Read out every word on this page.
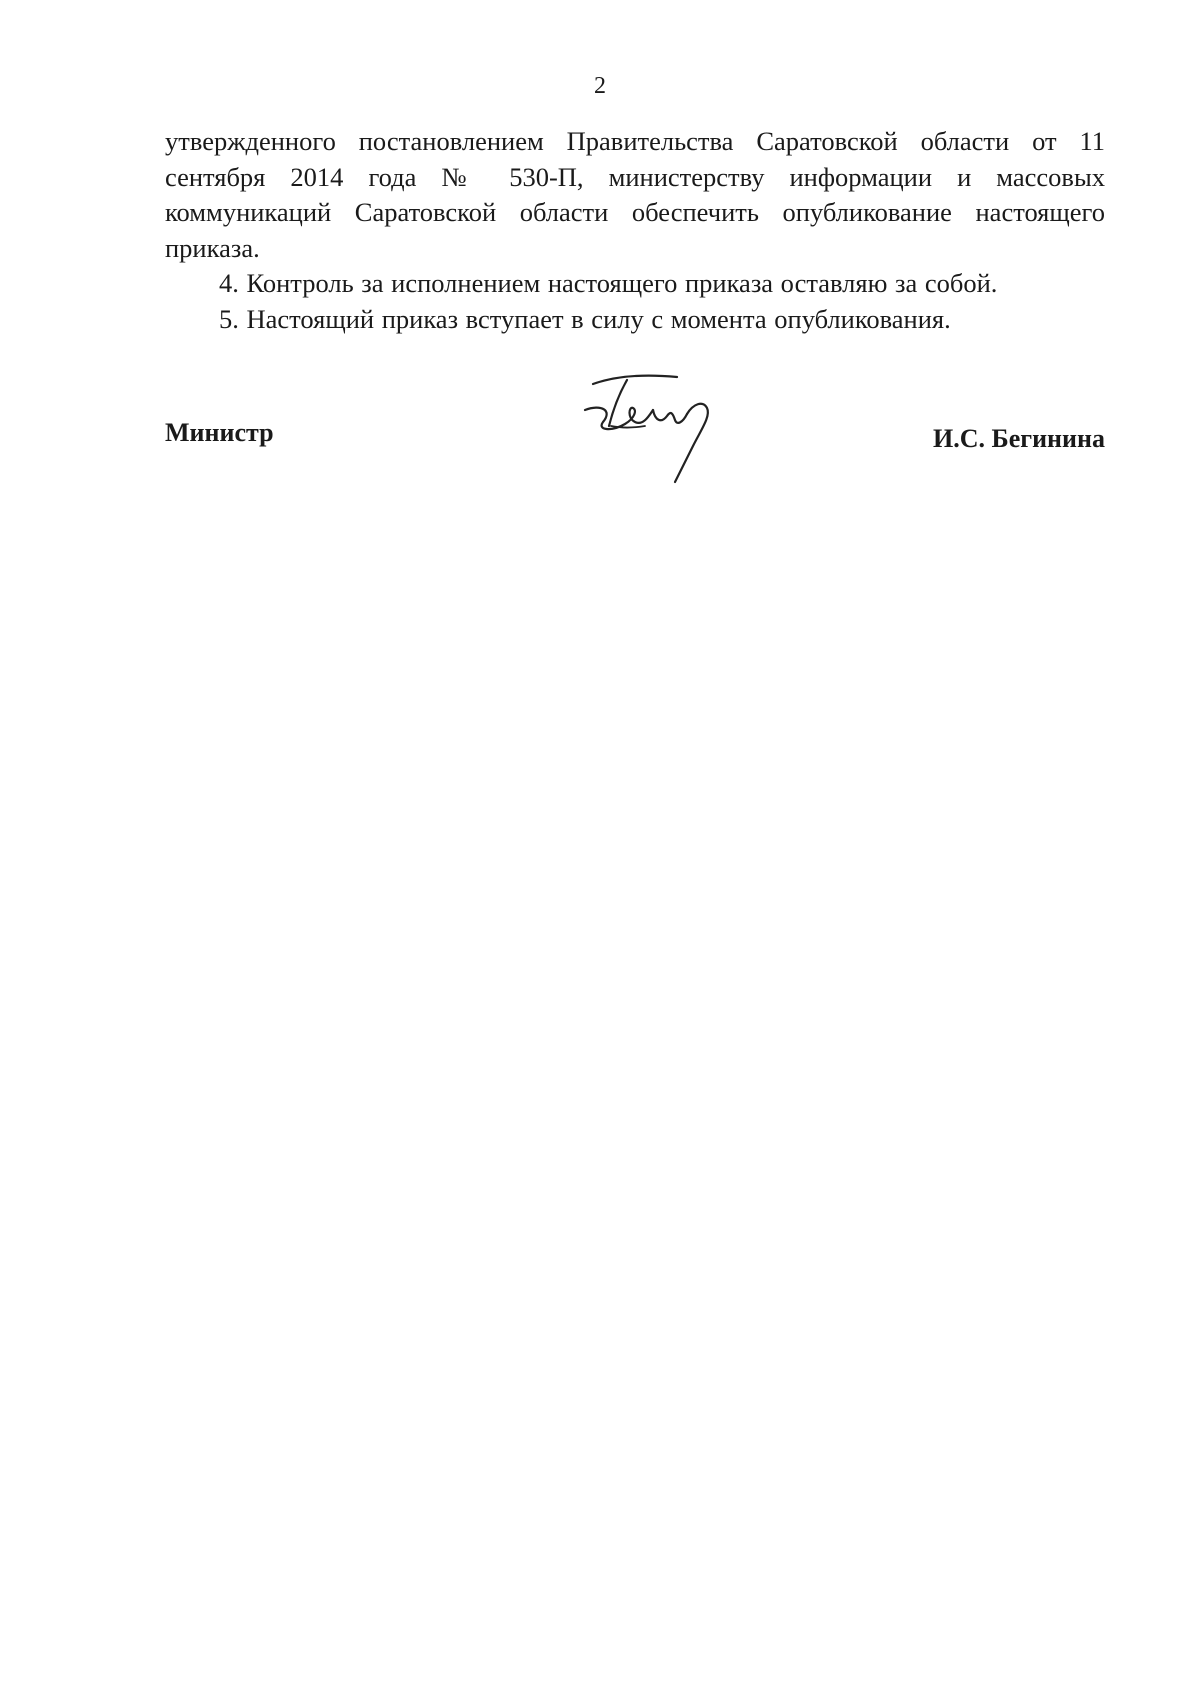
2

утвержденного постановлением Правительства Саратовской области от 11 сентября 2014 года № 530-П, министерству информации и массовых коммуникаций Саратовской области обеспечить опубликование настоящего приказа.

4. Контроль за исполнением настоящего приказа оставляю за собой.

5. Настоящий приказ вступает в силу с момента опубликования.

Министр	И.С. Бегинина
